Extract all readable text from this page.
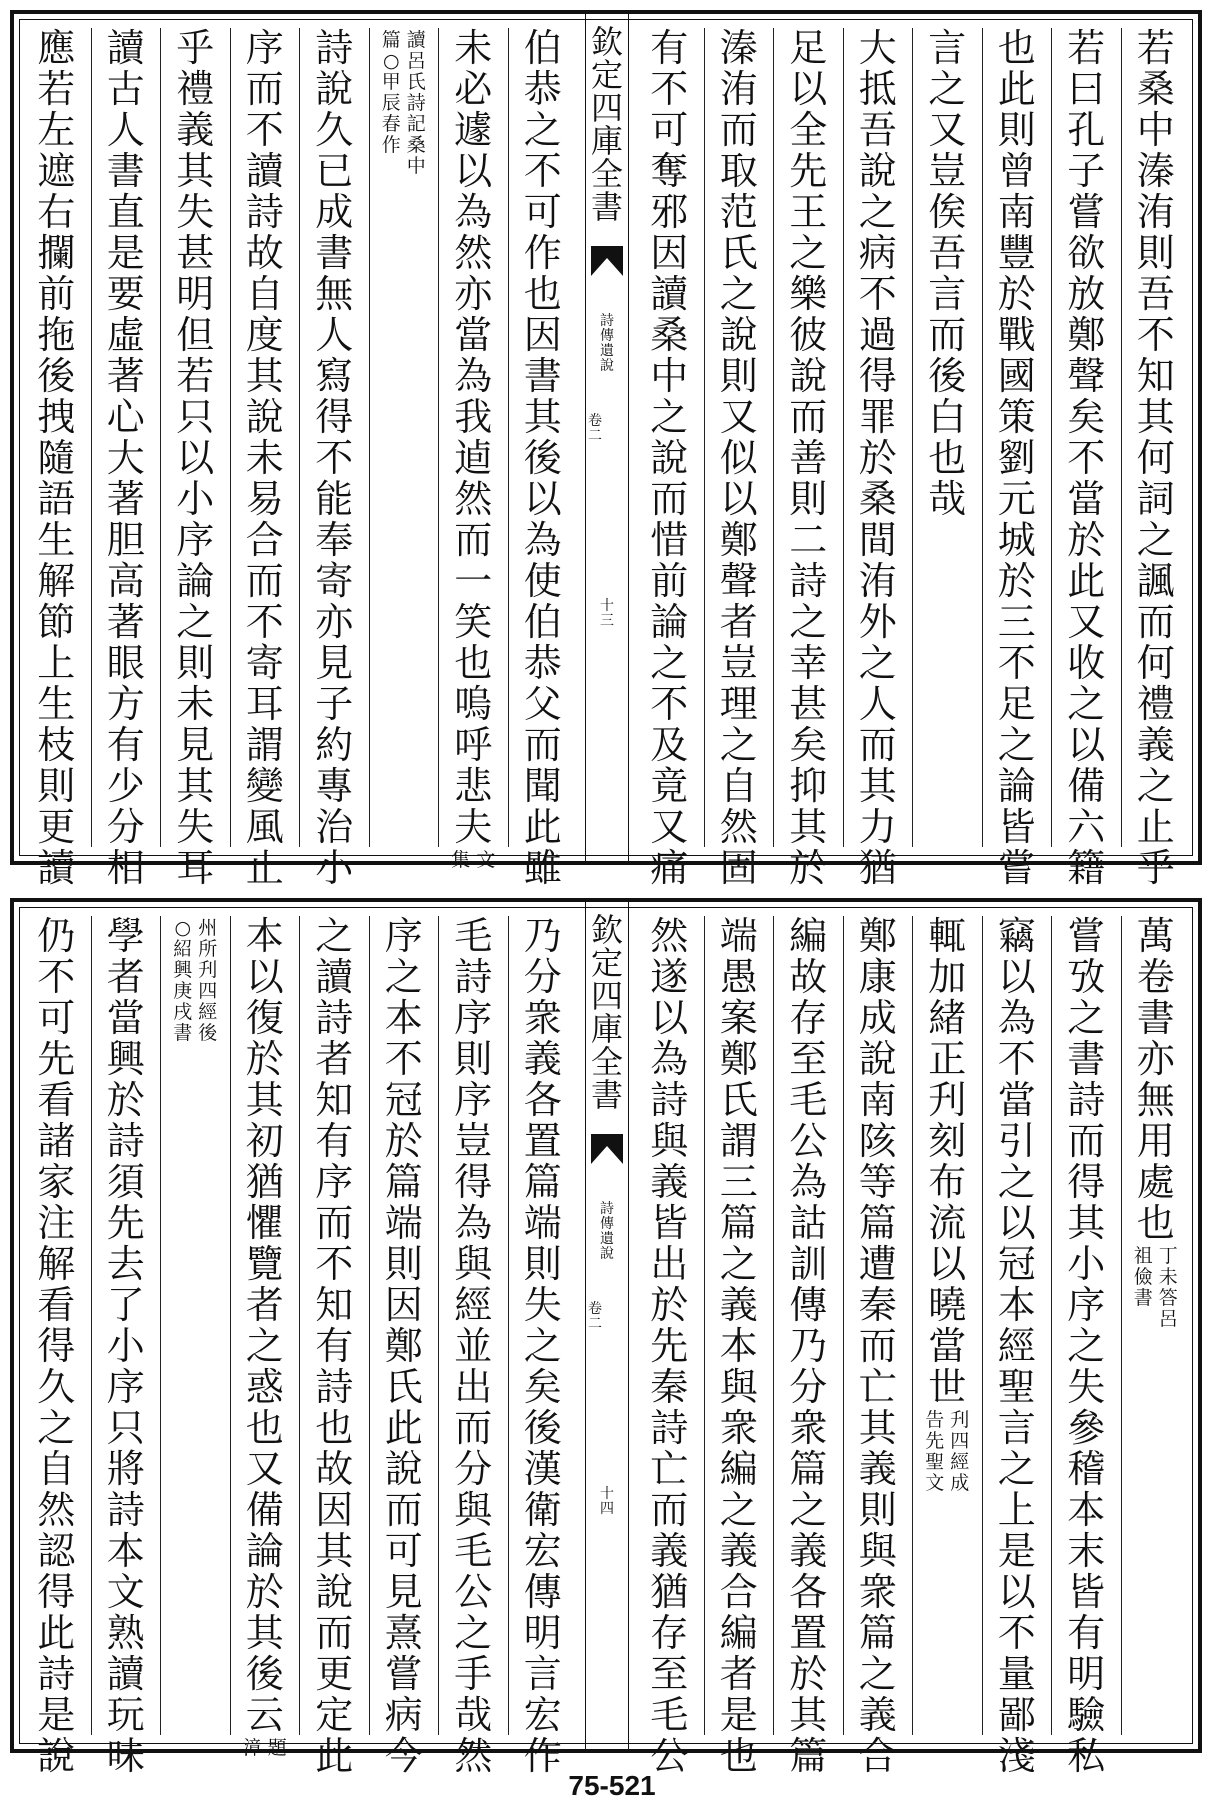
若
桑
中
溱
洧
則
吾
不
知
其
何
詞
之
諷
而
何
禮
義
之
止
乎
若
曰
孔
子
嘗
欲
放
鄭
聲
矣
不
當
於
此
又
收
之
以
備
六
籍
也
此
則
曾
南
豐
於
戰
國
策
劉
元
城
於
三
不
足
之
論
皆
嘗
言
之
又
豈
俟
吾
言
而
後
白
也
哉
大
抵
吾
說
之
病
不
過
得
罪
於
桑
間
洧
外
之
人
而
其
力
猶
足
以
全
先
王
之
樂
彼
說
而
善
則
二
詩
之
幸
甚
矣
抑
其
於
溱
洧
而
取
范
氏
之
說
則
又
似
以
鄭
聲
者
豈
理
之
自
然
固
有
不
可
奪
邪
因
讀
桑
中
之
說
而
惜
前
論
之
不
及
竟
又
痛
伯
恭
之
不
可
作
也
因
書
其
後
以
為
使
伯
恭
父
而
聞
此
雖
未
必
遽
以
為
然
亦
當
為
我
逌
然
而
一
笑
也
嗚
呼
悲
夫
文
集
讀
呂
氏
詩
記
桑
中
篇
○
甲
辰
春
作
詩
說
久
已
成
書
無
人
寫
得
不
能
奉
寄
亦
見
子
約
專
治
小
序
而
不
讀
詩
故
自
度
其
說
未
易
合
而
不
寄
耳
謂
變
風
止
乎
禮
義
其
失
甚
明
但
若
只
以
小
序
論
之
則
未
見
其
失
耳
讀
古
人
書
直
是
要
虛
著
心
大
著
胆
高
著
眼
方
有
少
分
相
應
若
左
遮
右
攔
前
拖
後
拽
隨
語
生
解
節
上
生
枝
則
更
讀
欽
定
四
庫
全
書
詩
傳
遺
說
卷
二
十
三
萬
卷
書
亦
無
用
處
也
丁
未
答
呂
祖
儉
書
嘗
攷
之
書
詩
而
得
其
小
序
之
失
參
稽
本
末
皆
有
明
驗
私
竊
以
為
不
當
引
之
以
冠
本
經
聖
言
之
上
是
以
不
量
鄙
淺
輒
加
緒
正
刋
刻
布
流
以
曉
當
世
刋
四
經
成
告
先
聖
文
鄭
康
成
說
南
陔
等
篇
遭
秦
而
亡
其
義
則
與
衆
篇
之
義
合
編
故
存
至
毛
公
為
詁
訓
傳
乃
分
衆
篇
之
義
各
置
於
其
篇
端
愚
案
鄭
氏
謂
三
篇
之
義
本
與
衆
編
之
義
合
編
者
是
也
然
遂
以
為
詩
與
義
皆
出
於
先
秦
詩
亡
而
義
猶
存
至
毛
公
乃
分
衆
義
各
置
篇
端
則
失
之
矣
後
漢
衛
宏
傳
明
言
宏
作
毛
詩
序
則
序
豈
得
為
與
經
並
出
而
分
與
毛
公
之
手
哉
然
序
之
本
不
冠
於
篇
端
則
因
鄭
氏
此
說
而
可
見
熹
嘗
病
今
之
讀
詩
者
知
有
序
而
不
知
有
詩
也
故
因
其
說
而
更
定
此
本
以
復
於
其
初
猶
懼
覽
者
之
惑
也
又
備
論
於
其
後
云
題
漳
州
所
刋
四
經
後
○
紹
興
庚
戌
書
學
者
當
興
於
詩
須
先
去
了
小
序
只
將
詩
本
文
熟
讀
玩
味
仍
不
可
先
看
諸
家
注
解
看
得
久
之
自
然
認
得
此
詩
是
說
欽
定
四
庫
全
書
詩
傳
遺
說
卷
二
十
四
75-521
